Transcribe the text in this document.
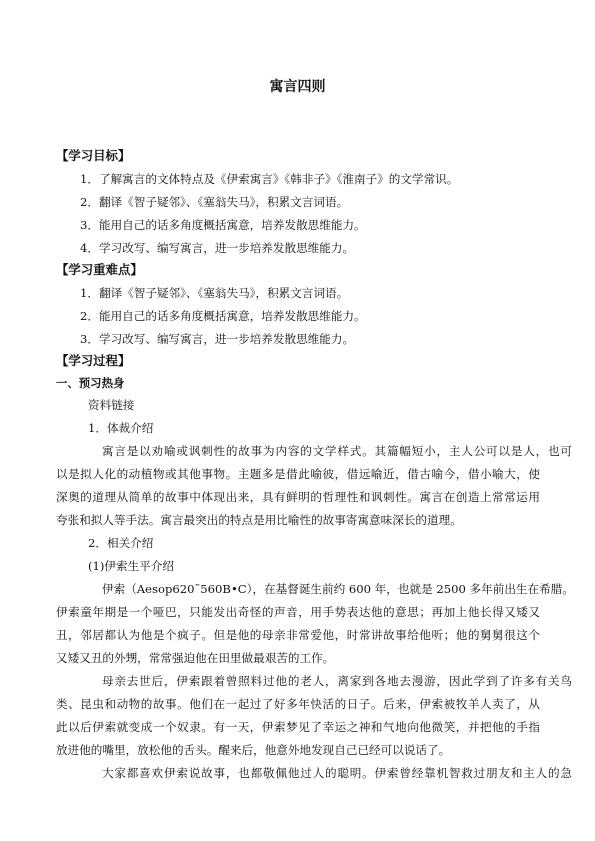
寓言四则
【学习目标】
1．了解寓言的文体特点及《伊索寓言》《韩非子》《淮南子》的文学常识。
2．翻译《智子疑邻》、《塞翁失马》，积累文言词语。
3．能用自己的话多角度概括寓意，培养发散思维能力。
4．学习改写、编写寓言，进一步培养发散思维能力。
【学习重难点】
1．翻译《智子疑邻》、《塞翁失马》，积累文言词语。
2．能用自己的话多角度概括寓意，培养发散思维能力。
3．学习改写、编写寓言，进一步培养发散思维能力。
【学习过程】
一、预习热身
资料链接
1．体裁介绍
寓言是以劝喻或讽刺性的故事为内容的文学样式。其篇幅短小，主人公可以是人，也可
以是拟人化的动植物或其他事物。主题多是借此喻彼，借远喻近，借古喻今，借小喻大，使
深奥的道理从简单的故事中体现出来，具有鲜明的哲理性和讽刺性。寓言在创造上常常运用
夸张和拟人等手法。寓言最突出的特点是用比喻性的故事寄寓意味深长的道理。
2．相关介绍
(1)伊索生平介绍
伊索（Aesop620˜560B•C），在基督诞生前约 600 年，也就是 2500 多年前出生在希腊。
伊索童年期是一个哑巴，只能发出奇怪的声音，用手势表达他的意思；再加上他长得又矮又
丑，邻居都认为他是个疯子。但是他的母亲非常爱他，时常讲故事给他听；他的舅舅很这个
又矮又丑的外甥，常常强迫他在田里做最艰苦的工作。
母亲去世后，伊索跟着曾照料过他的老人，离家到各地去漫游，因此学到了许多有关鸟
类、昆虫和动物的故事。他们在一起过了好多年快活的日子。后来，伊索被牧羊人卖了，从
此以后伊索就变成一个奴隶。有一天，伊索梦见了幸运之神和气地向他微笑，并把他的手指
放进他的嘴里，放松他的舌头。醒来后，他意外地发现自己已经可以说话了。
大家都喜欢伊索说故事，也都敬佩他过人的聪明。伊索曾经靠机智救过朋友和主人的急
